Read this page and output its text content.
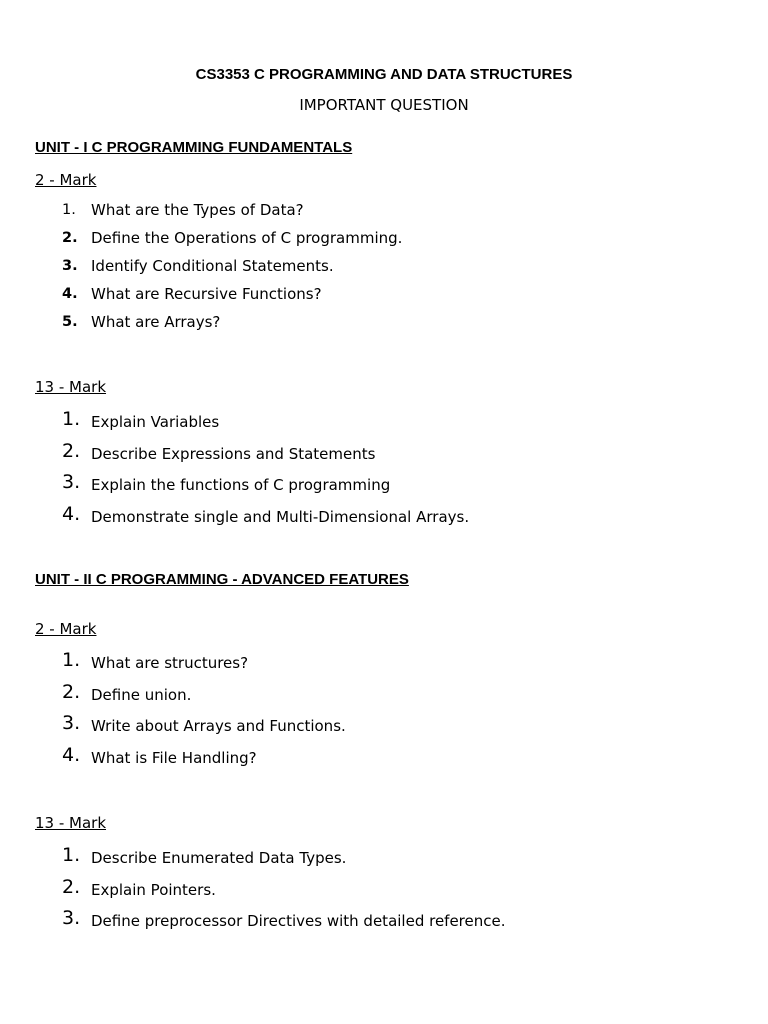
CS3353 C PROGRAMMING AND DATA STRUCTURES
IMPORTANT QUESTION
UNIT - I C PROGRAMMING FUNDAMENTALS
2 - Mark
1. What are the Types of Data?
2. Define the Operations of C programming.
3. Identify Conditional Statements.
4. What are Recursive Functions?
5. What are Arrays?
13 - Mark
1. Explain Variables
2. Describe Expressions and Statements
3. Explain the functions of C programming
4. Demonstrate single and Multi-Dimensional Arrays.
UNIT - II C PROGRAMMING - ADVANCED FEATURES
2 - Mark
1. What are structures?
2. Define union.
3. Write about Arrays and Functions.
4. What is File Handling?
13 - Mark
1. Describe Enumerated Data Types.
2. Explain Pointers.
3. Define preprocessor Directives with detailed reference.
